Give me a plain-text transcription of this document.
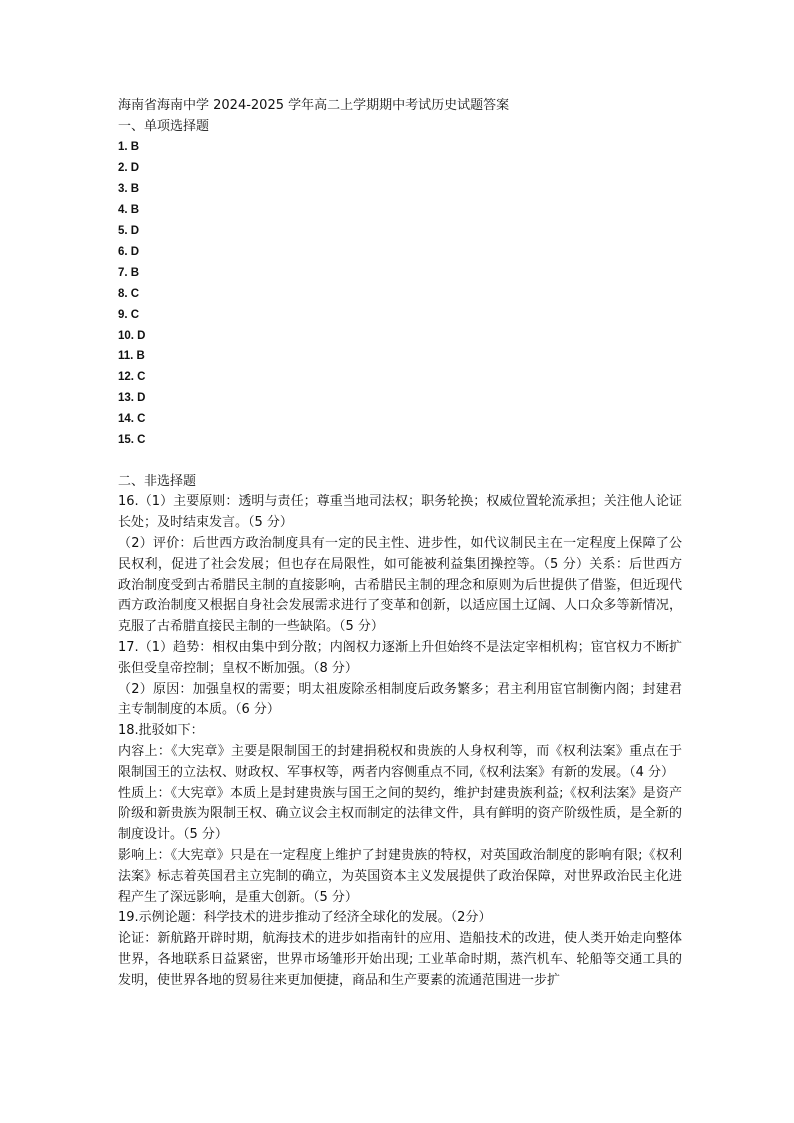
海南省海南中学 2024-2025 学年高二上学期期中考试历史试题答案
一、单项选择题
1. B
2. D
3. B
4. B
5. D
6. D
7. B
8. C
9. C
10. D
11. B
12. C
13. D
14. C
15. C
二、非选择题
16.（1）主要原则：透明与责任；尊重当地司法权；职务轮换；权威位置轮流承担；关注他人论证长处；及时结束发言。（5 分）
（2）评价：后世西方政治制度具有一定的民主性、进步性，如代议制民主在一定程度上保障了公民权利，促进了社会发展；但也存在局限性，如可能被利益集团操控等。（5 分）关系：后世西方政治制度受到古希腊民主制的直接影响，古希腊民主制的理念和原则为后世提供了借鉴，但近现代西方政治制度又根据自身社会发展需求进行了变革和创新，以适应国土辽阔、人口众多等新情况，克服了古希腊直接民主制的一些缺陷。（5 分）
17.（1）趋势：相权由集中到分散；内阁权力逐渐上升但始终不是法定宰相机构；宦官权力不断扩张但受皇帝控制；皇权不断加强。（8 分）
（2）原因：加强皇权的需要；明太祖废除丞相制度后政务繁多；君主利用宦官制衡内阁；封建君主专制制度的本质。（6 分）
18.批驳如下：
内容上：《大宪章》主要是限制国王的封建捐税权和贵族的人身权利等，而《权利法案》重点在于限制国王的立法权、财政权、军事权等，两者内容侧重点不同,《权利法案》有新的发展。（4 分）
性质上：《大宪章》本质上是封建贵族与国王之间的契约，维护封建贵族利益;《权利法案》是资产阶级和新贵族为限制王权、确立议会主权而制定的法律文件，具有鲜明的资产阶级性质，是全新的制度设计。（5 分）
影响上：《大宪章》只是在一定程度上维护了封建贵族的特权，对英国政治制度的影响有限;《权利法案》标志着英国君主立宪制的确立，为英国资本主义发展提供了政治保障，对世界政治民主化进程产生了深远影响，是重大创新。（5 分）
19.示例论题：科学技术的进步推动了经济全球化的发展。（2分）
论证：新航路开辟时期，航海技术的进步如指南针的应用、造船技术的改进，使人类开始走向整体世界，各地联系日益紧密，世界市场雏形开始出现; 工业革命时期，蒸汽机车、轮船等交通工具的发明，使世界各地的贸易往来更加便捷，商品和生产要素的流通范围进一步扩
